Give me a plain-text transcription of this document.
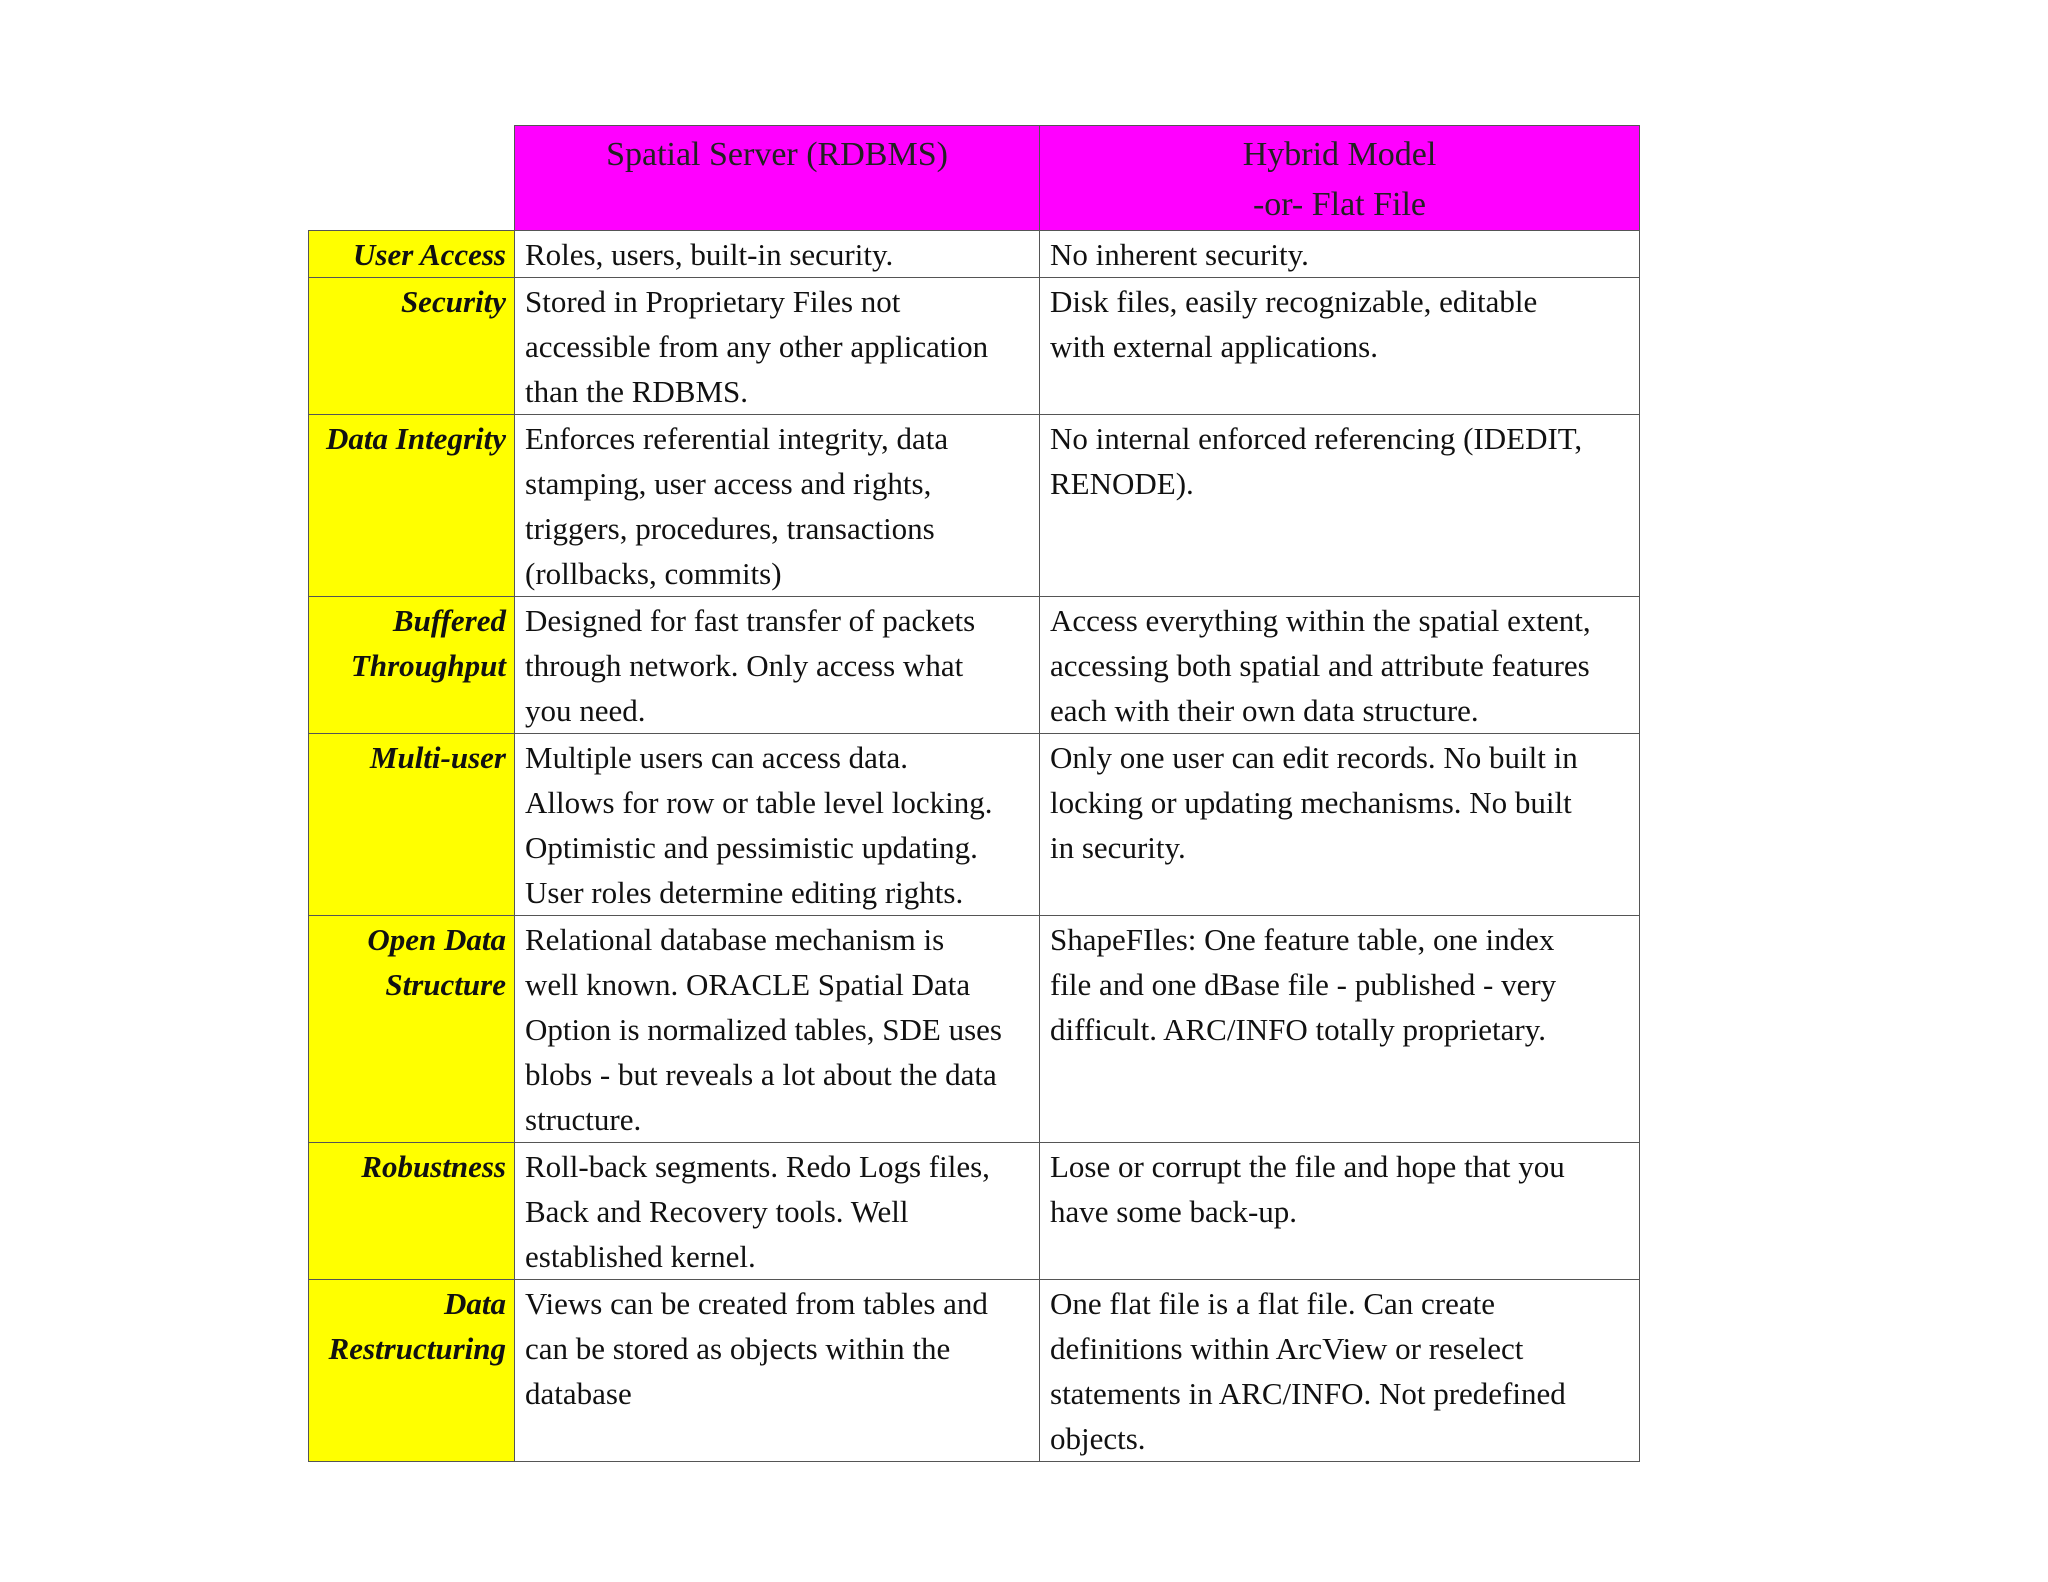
	Spatial Server (RDBMS)	Hybrid Model
-or- Flat File

User Access	Roles, users, built-in security.	No inherent security.

Security	Stored in Proprietary Files not
accessible from any other application
than the RDBMS.	Disk files, easily recognizable, editable
with external applications.

Data Integrity	Enforces referential integrity, data
stamping, user access and rights,
triggers, procedures, transactions
(rollbacks, commits)	No internal enforced referencing (IDEDIT,
RENODE).

Buffered
Throughput	Designed for fast transfer of packets
through network. Only access what
you need.	Access everything within the spatial extent,
accessing both spatial and attribute features
each with their own data structure.

Multi-user	Multiple users can access data.
Allows for row or table level locking.
Optimistic and pessimistic updating.
User roles determine editing rights.	Only one user can edit records. No built in
locking or updating mechanisms. No built
in security.

Open Data
Structure	Relational database mechanism is
well known. ORACLE Spatial Data
Option is normalized tables, SDE uses
blobs - but reveals a lot about the data
structure.	ShapeFIles: One feature table, one index
file and one dBase file - published - very
difficult. ARC/INFO totally proprietary.

Robustness	Roll-back segments. Redo Logs files,
Back and Recovery tools. Well
established kernel.	Lose or corrupt the file and hope that you
have some back-up.

Data
Restructuring	Views can be created from tables and
can be stored as objects within the
database	One flat file is a flat file. Can create
definitions within ArcView or reselect
statements in ARC/INFO. Not predefined
objects.
